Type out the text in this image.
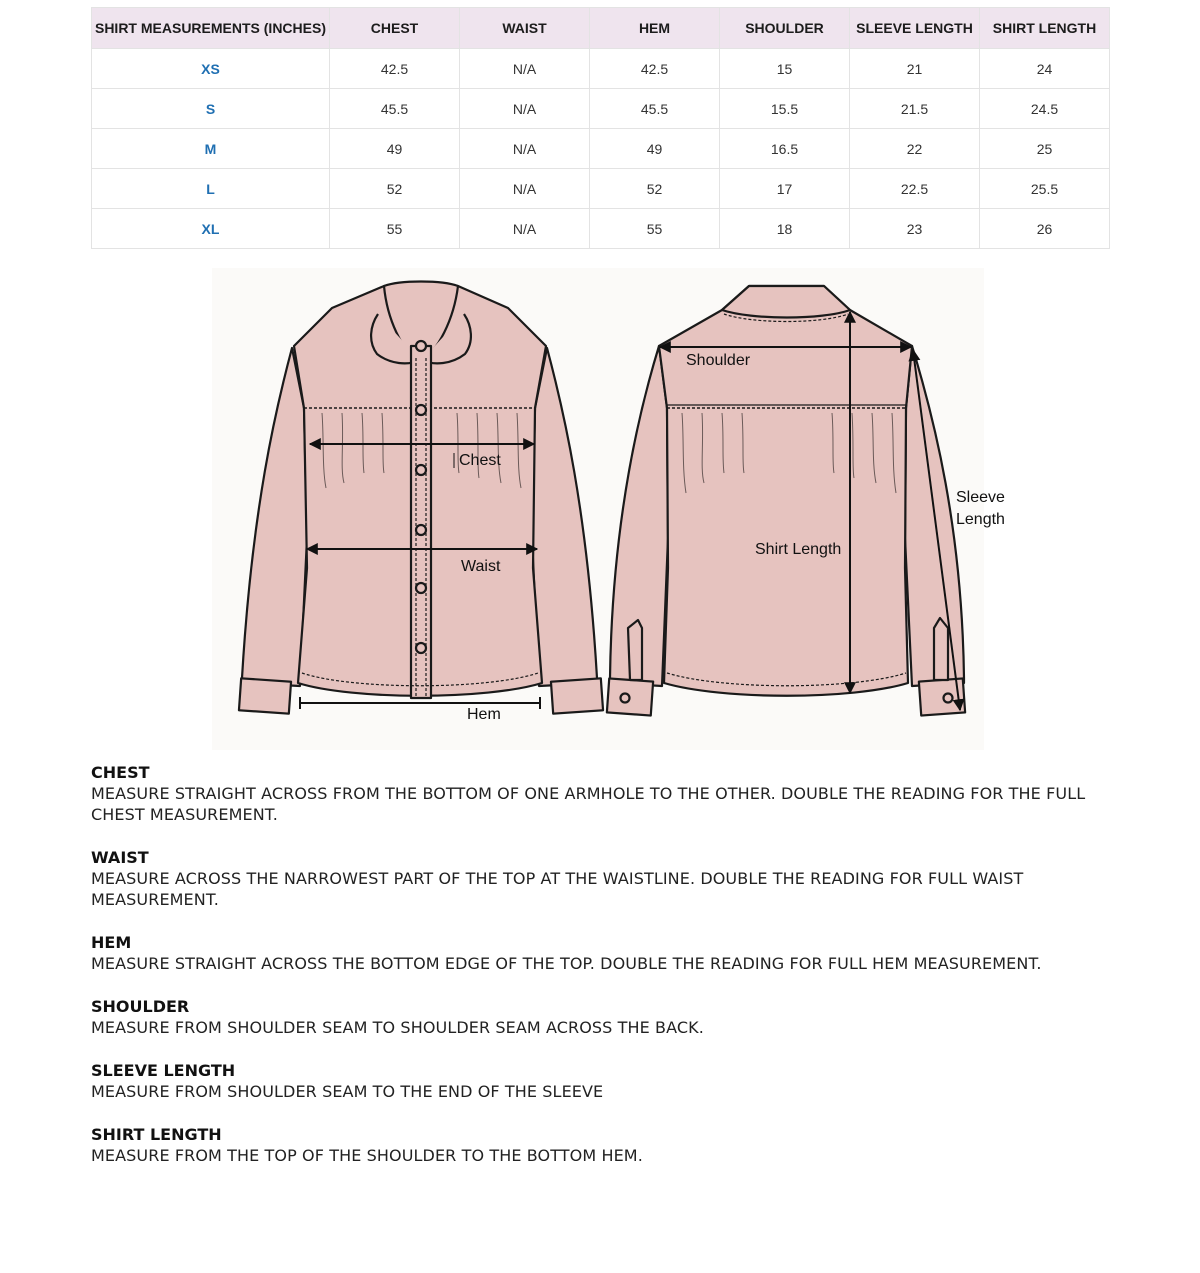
SHIRT MEASUREMENTS (INCHES)	CHEST	WAIST	HEM	SHOULDER	SLEEVE LENGTH	SHIRT LENGTH
XS	42.5	N/A	42.5	15	21	24
S	45.5	N/A	45.5	15.5	21.5	24.5
M	49	N/A	49	16.5	22	25
L	52	N/A	52	17	22.5	25.5
XL	55	N/A	55	18	23	26
Chest
Waist
Hem
Shoulder
Shirt Length
Sleeve
Length
CHEST

MEASURE STRAIGHT ACROSS FROM THE BOTTOM OF ONE ARMHOLE TO THE OTHER. DOUBLE THE READING FOR THE FULL CHEST MEASUREMENT.

WAIST

MEASURE ACROSS THE NARROWEST PART OF THE TOP AT THE WAISTLINE. DOUBLE THE READING FOR FULL WAIST MEASUREMENT.

HEM

MEASURE STRAIGHT ACROSS THE BOTTOM EDGE OF THE TOP. DOUBLE THE READING FOR FULL HEM MEASUREMENT.

SHOULDER

MEASURE FROM SHOULDER SEAM TO SHOULDER SEAM ACROSS THE BACK.

SLEEVE LENGTH

MEASURE FROM SHOULDER SEAM TO THE END OF THE SLEEVE

SHIRT LENGTH

MEASURE FROM THE TOP OF THE SHOULDER TO THE BOTTOM HEM.
